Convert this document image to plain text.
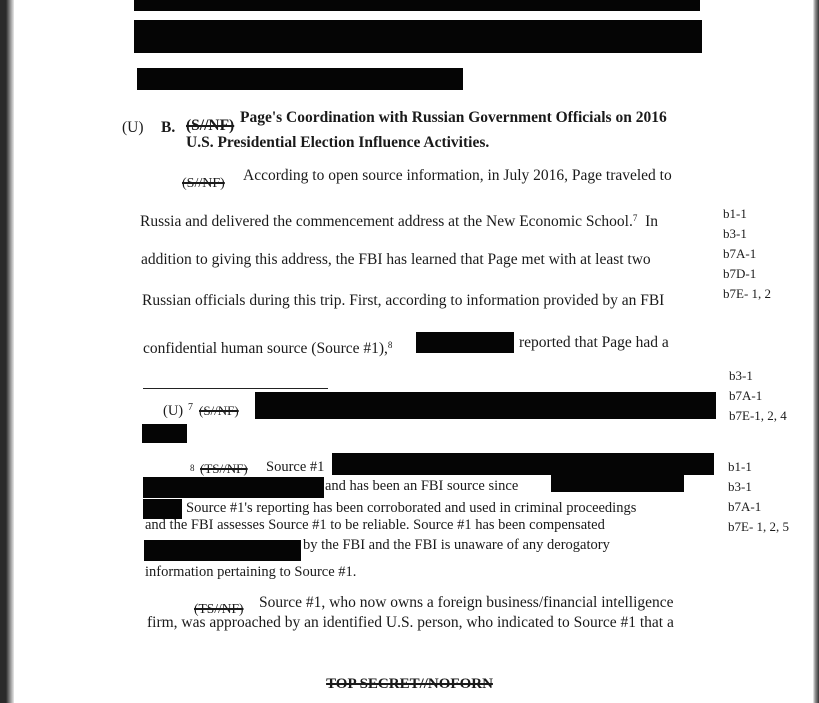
(U) B. (S//NF) Page's Coordination with Russian Government Officials on 2016
U.S. Presidential Election Influence Activities.
(S//NF) According to open source information, in July 2016, Page traveled to
Russia and delivered the commencement address at the New Economic School.$^7$ In
addition to giving this address, the FBI has learned that Page met with at least two
Russian officials during this trip. First, according to information provided by an FBI
confidential human source (Source #1),$^8$	reported that Page had a
b1-1
b3-1
b7A-1
b7D-1
b7E- 1, 2
(U) 7 (S//NF)
b3-1
b7A-1
b7E-1, 2, 4
8 (TS//NF) Source #1
and has been an FBI source since
Source #1's reporting has been corroborated and used in criminal proceedings
and the FBI assesses Source #1 to be reliable. Source #1 has been compensated
by the FBI and the FBI is unaware of any derogatory
information pertaining to Source #1.
b1-1
b3-1
b7A-1
b7E- 1, 2, 5
(TS//NF) Source #1, who now owns a foreign business/financial intelligence
firm, was approached by an identified U.S. person, who indicated to Source #1 that a
TOP SECRET//NOFORN
